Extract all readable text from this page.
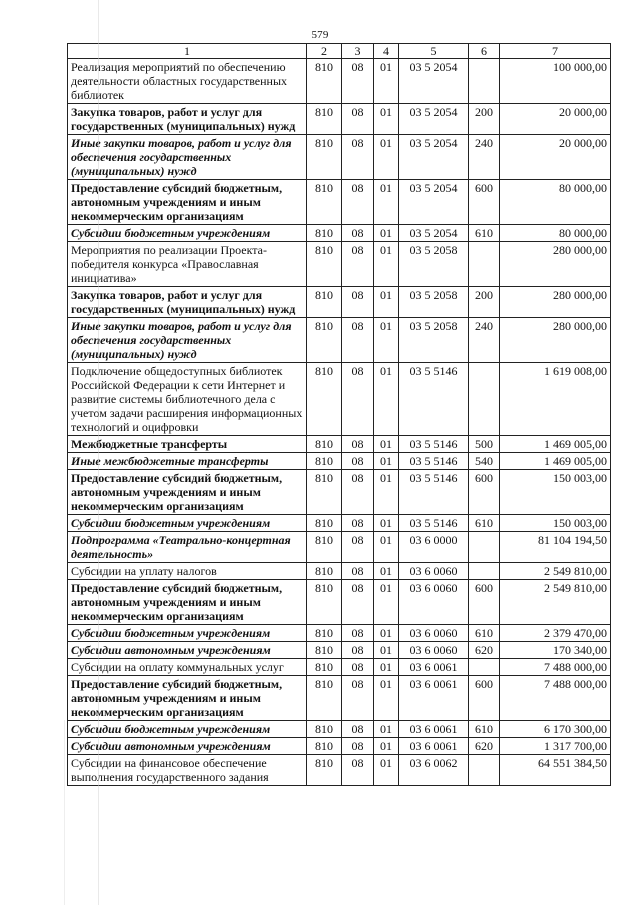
579
1	2	3	4	5	6	7
Реализация мероприятий по обеспечению деятельности областных государственных библиотек	810	08	01	03 5 2054		100 000,00
Закупка товаров, работ и услуг для государственных (муниципальных) нужд	810	08	01	03 5 2054	200	20 000,00
Иные закупки товаров, работ и услуг для обеспечения государственных (муниципальных) нужд	810	08	01	03 5 2054	240	20 000,00
Предоставление субсидий бюджетным, автономным учреждениям и иным некоммерческим организациям	810	08	01	03 5 2054	600	80 000,00
Субсидии бюджетным учреждениям	810	08	01	03 5 2054	610	80 000,00
Мероприятия по реализации Проекта-победителя конкурса «Православная инициатива»	810	08	01	03 5 2058		280 000,00
Закупка товаров, работ и услуг для государственных (муниципальных) нужд	810	08	01	03 5 2058	200	280 000,00
Иные закупки товаров, работ и услуг для обеспечения государственных (муниципальных) нужд	810	08	01	03 5 2058	240	280 000,00
Подключение общедоступных библиотек Российской Федерации к сети Интернет и развитие системы библиотечного дела с учетом задачи расширения информационных технологий и оцифровки	810	08	01	03 5 5146		1 619 008,00
Межбюджетные трансферты	810	08	01	03 5 5146	500	1 469 005,00
Иные межбюджетные трансферты	810	08	01	03 5 5146	540	1 469 005,00
Предоставление субсидий бюджетным, автономным учреждениям и иным некоммерческим организациям	810	08	01	03 5 5146	600	150 003,00
Субсидии бюджетным учреждениям	810	08	01	03 5 5146	610	150 003,00
Подпрограмма «Театрально-концертная деятельность»	810	08	01	03 6 0000		81 104 194,50
Субсидии на уплату налогов	810	08	01	03 6 0060		2 549 810,00
Предоставление субсидий бюджетным, автономным учреждениям и иным некоммерческим организациям	810	08	01	03 6 0060	600	2 549 810,00
Субсидии бюджетным учреждениям	810	08	01	03 6 0060	610	2 379 470,00
Субсидии автономным учреждениям	810	08	01	03 6 0060	620	170 340,00
Субсидии на оплату коммунальных услуг	810	08	01	03 6 0061		7 488 000,00
Предоставление субсидий бюджетным, автономным учреждениям и иным некоммерческим организациям	810	08	01	03 6 0061	600	7 488 000,00
Субсидии бюджетным учреждениям	810	08	01	03 6 0061	610	6 170 300,00
Субсидии автономным учреждениям	810	08	01	03 6 0061	620	1 317 700,00
Субсидии на финансовое обеспечение выполнения государственного задания	810	08	01	03 6 0062		64 551 384,50
